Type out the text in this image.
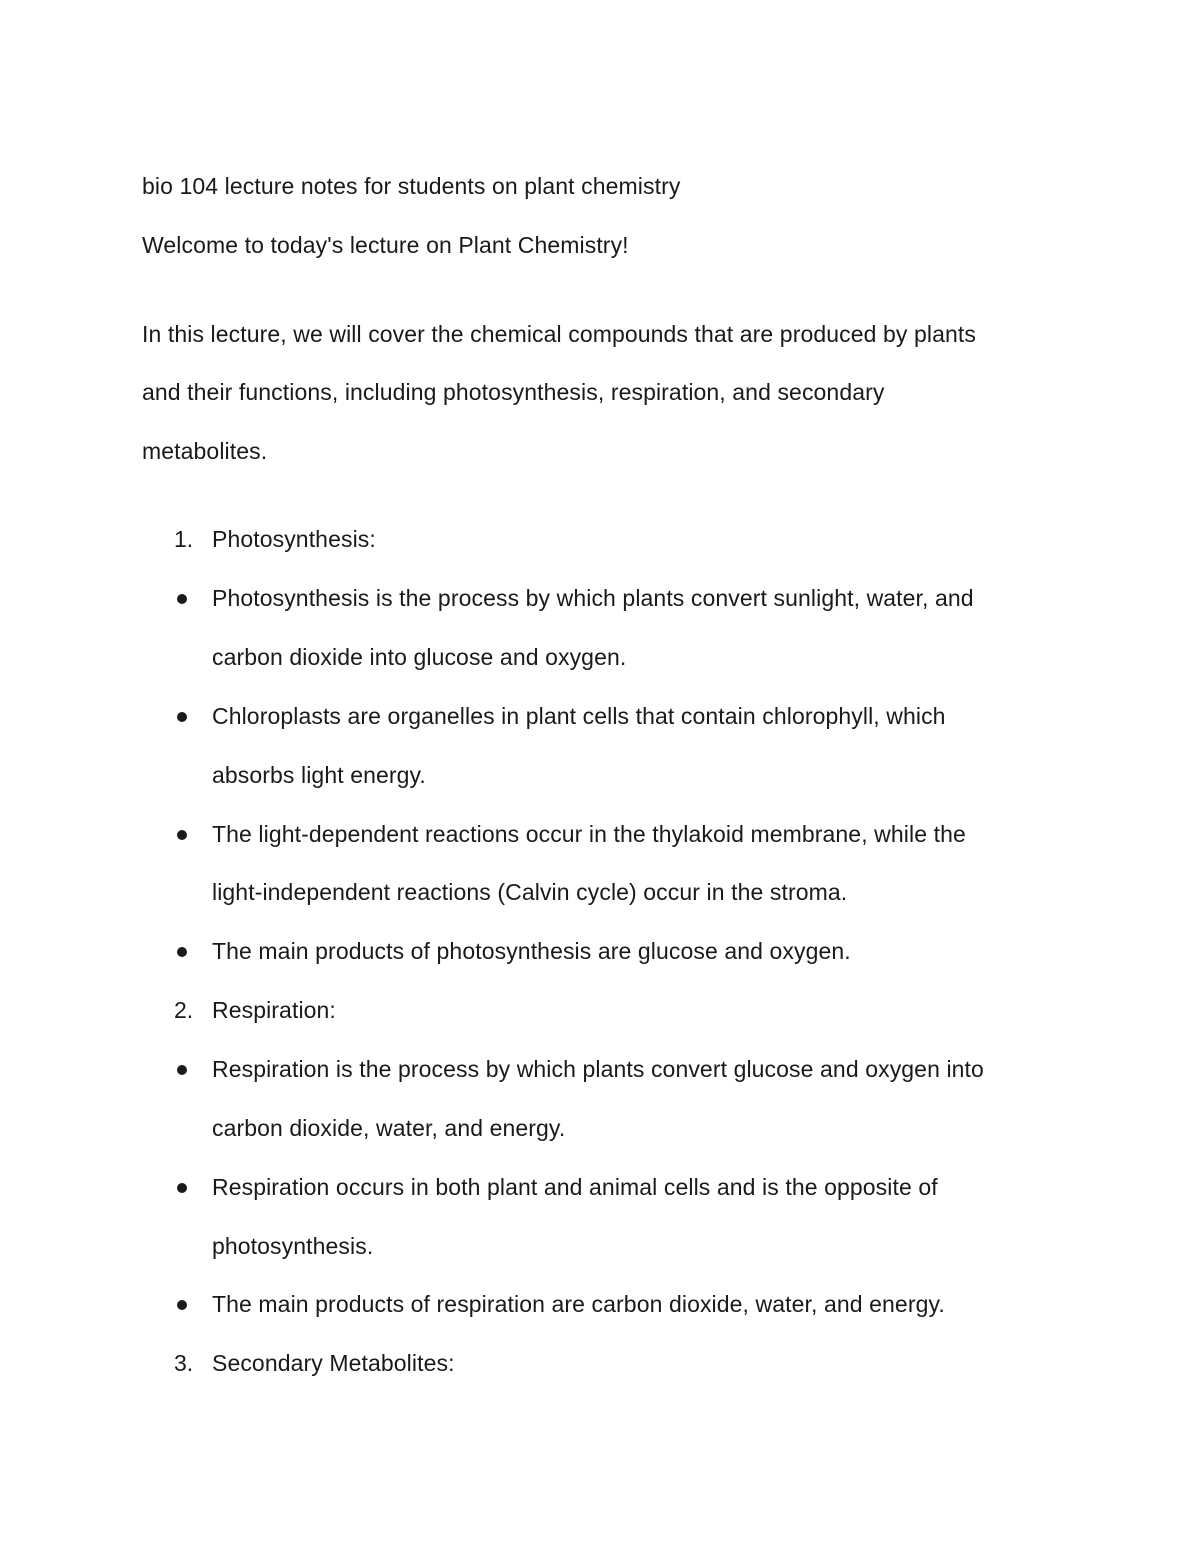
bio 104 lecture notes for students on plant chemistry
Welcome to today's lecture on Plant Chemistry!
In this lecture, we will cover the chemical compounds that are produced by plants
and their functions, including photosynthesis, respiration, and secondary
metabolites.
1. Photosynthesis:
Photosynthesis is the process by which plants convert sunlight, water, and
carbon dioxide into glucose and oxygen.
Chloroplasts are organelles in plant cells that contain chlorophyll, which
absorbs light energy.
The light-dependent reactions occur in the thylakoid membrane, while the
light-independent reactions (Calvin cycle) occur in the stroma.
The main products of photosynthesis are glucose and oxygen.
2. Respiration:
Respiration is the process by which plants convert glucose and oxygen into
carbon dioxide, water, and energy.
Respiration occurs in both plant and animal cells and is the opposite of
photosynthesis.
The main products of respiration are carbon dioxide, water, and energy.
3. Secondary Metabolites:
